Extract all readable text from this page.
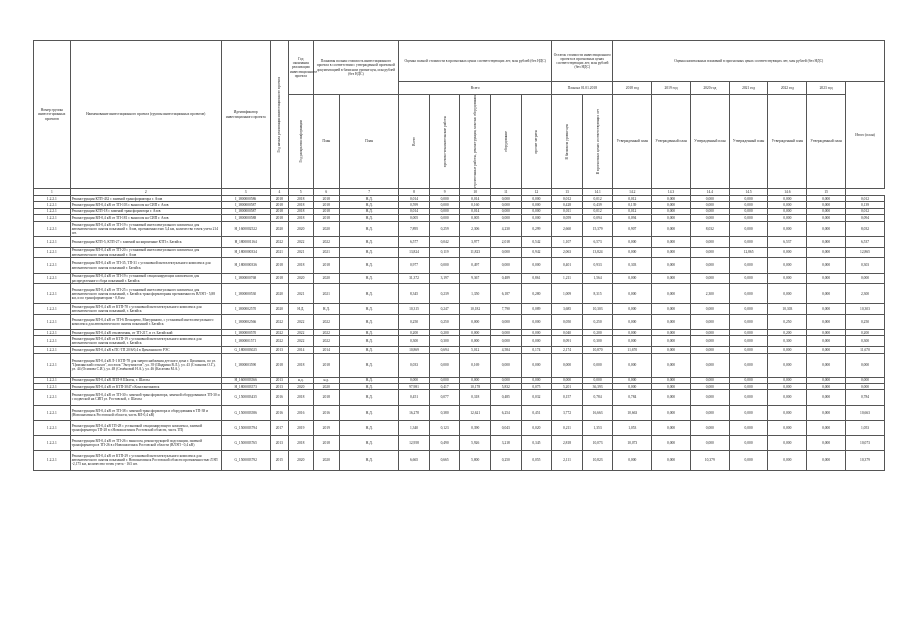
Номер группы инвести-ционных проектов	Наименование инвестиционного проекта (группы инвестиционных проектов)	Идентификатор инвестиционного проекта	Год начала реализации инвестиционного проекта	Год окончания реализации инвестиционного проекта	Плановая полная стоимость инвестиционного проекта в соответствии с утвержденной проектной документацией в базисном уровне цен, млн рублей (без НДС)		Оценка полной стоимости в прогнозных ценах соответствующих лет, млн рублей (без НДС)					Остаток стоимости инвестиционного проекта в прогнозных ценах соответствующих лет, млн рублей (без НДС)		Оценка капитальных вложений в прогнозных ценах соответствующих лет, млн рублей (без НДС)						
							Всего					План на 01.01.2018		2018 год	2019 год	2020 год	2021 год	2022 год	2023 год	Итого (план)

				Год раскрытия информации	План	План	Всего	проектно-изыскательские работы	строительные работы, реконструкция, монтаж оборудования	оборудование	прочие затраты	В базисном уровне цен	В прогнозных ценах соответствующих лет	Утвержденный план	Утвержденный план	Утвержденный план	Утвержденный план	Утвержденный план	Утвержденный план	
1	2	3	4	5	6	7	8	9	10	11	12	13	14.1	14.2	14.3	14.4	14.5	14.6	15	
1.2.2.1	Реконструкция КТП-432 с заменой трансформатора г. Азов	I_1800000586	2018	2018	2018	Н.Д.	0,014	0,000	0,014	0,000	0,000	0,012	0,012	0,012	0,000	0,000	0,000	0,000	0,000	0,012
1.2.2.1	Реконструкция ВЛ-0,4 кВ от ТП-103 с выносом на СИП г. Азов	I_1800000587	2018	2018	2018	Н.Д.	0,599	0,000	0,160	0,000	0,000	0,428	0,439	0,139	0,000	0,000	0,000	0,000	0,000	0,139
1.2.2.1	Реконструкция КТП-18 с заменой трансформатора г. Азов	I_1800000587	2018	2018	2018	Н.Д.	0,014	0,000	0,014	0,000	0,000	0,011	0,012	0,012	0,000	0,000	0,000	0,000	0,000	0,012
1.2.2.1	Реконструкция ВЛ-0,4 кВ от ТП-181 с выносом на СИП г. Азов	I_1800000588	2018	2018	2018	Н.Д.	0,005	0,000	0,005	0,000	0,000	0,059	0,094	0,094	0,000	0,000	0,000	0,000	0,000	0,094
1.2.2.1	Реконструкция ВЛ-0,4 кВ от ТП-19 с установкой интеллектуального комплекса для автоматического снятия показаний г. Азов, протяженностью 3,4 км, количество точек учета 214 шт.	H_1600002522	2020	2020	2020	Н.Д.	7,895	0,259	2,306	4,230	0,299	2,660	15,379	0,907	0,000	8,032	0,000	0,000	0,000	8,032
1.2.2.1	Реконструкция КТП-5, КТП-27 с заменой на кирпичные КТП г. Батайск	H_1800001164	2022	2022	2022	Н.Д.	6,577	0,042	3,977	2,018	0,542	1,107	6,573	0,000	0,000	0,000	0,000	6,537	0,000	6,537
1.2.2.1	Реконструкция ВЛ-0,4 кВ от ТП-20 с установкой интеллектуального комплекса для автоматического снятия показаний г. Азов	H_1800000334	2021	2021	2021	Н.Д.	13,824	0,119	11,823	0,000	0,942	2,063	13,824	0,000	0,000	0,000	12,865	0,000	0,000	12,865
1.2.2.1	Реконструкция ВЛ-0,4 кВ от ТП-35, ТП-31 с установкой интеллектуального комплекса для автоматического снятия показаний г. Батайск	H_1800000336	2018	2018	2018	Н.Д.	0,977	0,000	0,497	0,000	0,000	0,401	0,933	0,303	0,000	0,000	0,000	0,000	0,000	0,303
1.2.2.1	Реконструкция ВЛ-0,4 кВ от ТП-19 с установкой секционирующих комплексов для распределенного сбора показаний г. Батайск	I_1800000768	2018	2020	2020	Н.Д.	31,372	3,197	9,367	0,489	0,861	1,211	1,564	0,000	0,000	0,000	0,000	0,000	0,000	0,000
1.2.2.1	Реконструкция ВЛ-0,4 кВ от ТП-25 с установкой интеллектуального комплекса для автоматического снятия показаний, г. Батайск трансформаторная протяженность ВЛЭП - 5,88 км, и по трансформаторам - 0,8 км	I_1800000530	2020	2021	2021	Н.Д.	8,345	0,239	1,350	6,187	0,280	1,009	8,315	0,000	0,000	2,300	0,000	0,000	0,000	2,300
1.2.2.1	Реконструкция ВЛ-0,4 кВ от КТП-78 с установкой интеллектуального комплекса для автоматического снятия показаний, г. Батайск	I_1800002570	2020	Н.Д.	Н.Д.	Н.Д.	10,315	0,247	10,182	7,790	0,089	3,685	10,303	0,000	0,000	0,000	0,000	10,303	0,000	10,303
1.2.2.1	Реконструкция ВЛ-0,4 кВ от ТП-6 Пескарево, Мигуриново, с установкой интеллектуального комплекса для автоматического снятия показаний г. Батайск	I_1800002566	2022	2022	2022	Н.Д.	0,250	0,250	0,000	0,000	0,000	0,050	0,250	0,000	0,000	0,000	0,000	0,250	0,000	0,250
1.2.2.1	Реконструкция ВЛ-0,4 кВ отключения, от ТП-217, в ст. Батайский	I_1800000570	2022	2022	2022	Н.Д.	0,200	0,200	0,000	0,000	0,000	0,040	0,200	0,000	0,000	0,000	0,000	0,200	0,000	0,200
1.2.2.1	Реконструкция ВЛ-0,4 кВ от КТП-19 с установкой интеллектуального комплекса для автоматического снятия показаний, г. Батайск	I_1800001571	2022	2022	2022	Н.Д.	0,300	0,300	0,000	0,000	0,000	0,091	0,300	0,000	0,000	0,000	0,000	0,300	0,000	0,300
1.2.2.1	Реконструкция ВЛ-0,4 кВ в ПС-ТП 20/6/0,4 в Цимлянского РЭС	G_1800003025	2013	2014	2014	Н.Д.	10,869	0,694	5,012	4,584	0,174	2,174	10,870	11,670	0,000	0,000	0,000	0,000	0,000	11,670
1.2.2.1	Реконструкция ВЛ-0,4 кВ Л-1 КТП-78 для энергоснабжения детского дома г. Цимлянск, по ул. "Цимлянский сельхоз", поселок "Энтузиастов", ул. 39 (Шадрина В.Л.), ул. 43 (Стахнова О.Г.), ул. 44 (Осипова С.И.), ул. 48 (Семёновой Н.А.), ул. 46 (Касатова М.А.)	I_1800003590	2018	2018	2018	Н.Д.	0,033	0,000	0,169	0,000	0,000	0,000	0,000	0,000	0,000	0,000	0,000	0,000	0,000	0,000
1.2.2.1	Реконструкция ВЛ-0,4 кВ ЛПЛ-8 Шахты, г. Шахты	H_1600003566	2013	н.д.	н.д.	Н.Д.	0,000	0,000	0,000	0,000	0,000	0,000	0,000	0,000	0,000	0,000	0,000	0,000	0,000	0,000
1.2.2.1	Реконструкция ВЛ-0,4 кВ от КТП-3047 г.Константиновск	H_1800003573	2013	2020	2020	Н.Д.	97,981	0,417	10,178	5,832	0,075	5,201	36,393	0,000	0,000	0,000	0,000	0,000	0,000	0,000
1.2.2.1	Реконструкция ВЛ-0,4 кВ от ТП-30 с заменой трансформатора, заменой оборудования в ТП-30 и с подвеской на СИП ул. Ростовской, г. Шахты	G_1500003435	2016	2018	2018	Н.Д.	0,451	0,077	0,318	0,485	0,032	0,157	0,784	0,784	0,000	0,000	0,000	0,000	0,000	0,784
1.2.2.1	Реконструкция ВЛ-0,4 кВ от ТП-38 с заменой трансформатора и оборудования в ТП-38 и (Новошахтинск Ростовской области, часть ВЛ-0,4 кВ)	G_1500003586	2016	2016	2016	Н.Д.	16,278	0,380	12,621	6,254	0,451	3,772	16,663	10,663	0,000	0,000	0,000	0,000	0,000	10,663
1.2.2.1	Реконструкция ВЛ-0,4 кВ ТП-28 с установкой секционирующего комплекса, заменой трансформатора ТП-28 в г.Новошахтинск Ростовской области, часть ТП)	G_1500003794	2017	2019	2019	Н.Д.	1,340	0,123	0,390	0,043	0,020	0,211	1,353	1,053	0,000	0,000	0,000	0,000	0,000	1,053
1.2.2.1	Реконструкция ВЛ-0,4 кВ от ТП-26 с выносом, реконструкцией подстанции, заменой трансформатора в ТП-26 в г.Новошахтинск Ростовской области (ВЛЭП - 0,4 кВ)	G_1500003765	2013	2018	2018	Н.Д.	12,958	0,490	5,926	3,218	0,345	2,818	10,073	10,073	0,000	0,000	0,000	0,000	0,000	10,073
1.2.2.1	Реконструкция ВЛ-0,4 кВ от КТП-29 с установкой интеллектуального комплекса для автоматического снятия показаний г. Новошахтинск Ростовской области протяженностью ЛЭП -2,175 км, количество точек учета - 163 шт.	G_1500003792	2015	2020	2020	Н.Д.	6,665	0,665	5,800	0,250	0,055	2,111	10,823	0,000	0,000	10,379	0,000	0,000	0,000	10,379
